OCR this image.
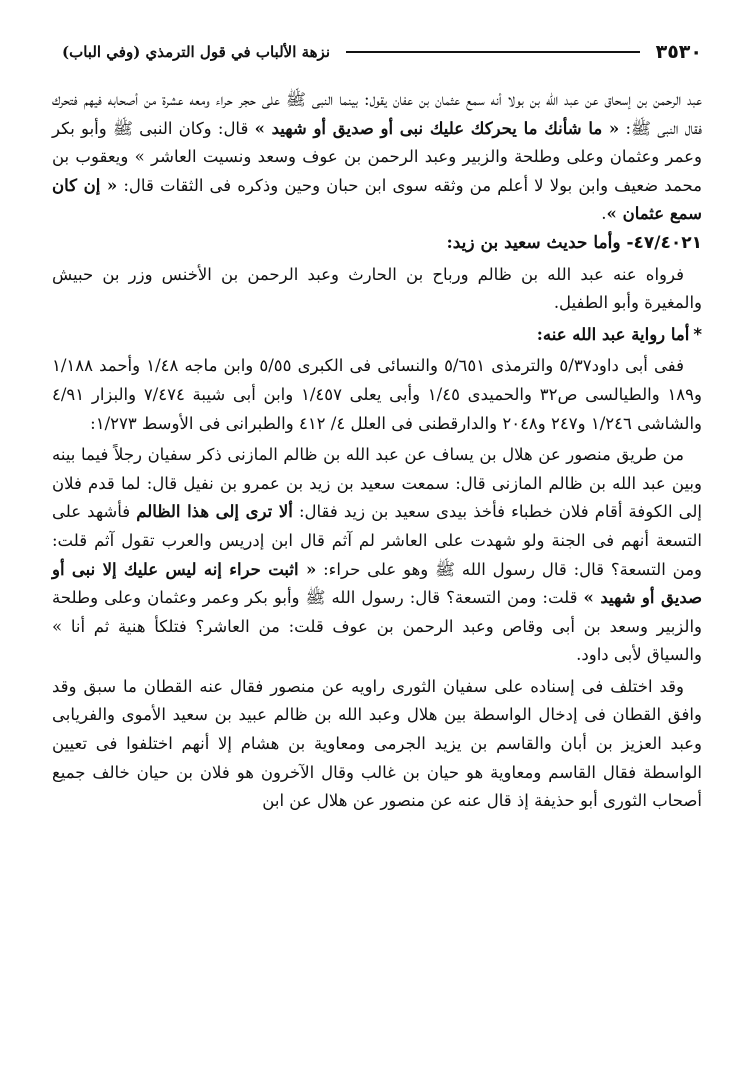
٣٥٣٠
نزهة الألباب في قول الترمذي (وفي الباب)

عبد الرحمن بن إسحاق عن عبد الله بن بولا أنه سمع عثمان بن عفان يقول: بينما النبى ﷺ على حجر حراء ومعه عشرة من أصحابه فيهم فتحرك فقال النبى ﷺ: « ما شأنك ما يحركك عليك نبى أو صديق أو شهيد » قال: وكان النبى ﷺ وأبو بكر وعمر وعثمان وعلى وطلحة والزبير وعبد الرحمن بن عوف وسعد ونسيت العاشر » ويعقوب بن محمد ضعيف وابن بولا لا أعلم من وثقه سوى ابن حبان وحين وذكره فى الثقات قال: « إن كان سمع عثمان ».

٤٧/٤٠٢١- وأما حديث سعيد بن زيد:

فرواه عنه عبد الله بن ظالم ورباح بن الحارث وعبد الرحمن بن الأخنس وزر بن حبيش والمغيرة وأبو الطفيل.

*أما رواية عبد الله عنه:

ففى أبى داود٥/٣٧ والترمذى ٥/٦٥١ والنسائى فى الكبرى ٥/٥٥ وابن ماجه ١/٤٨ وأحمد ١/١٨٨ و١٨٩ والطيالسى ص٣٢ والحميدى ١/٤٥ وأبى يعلى ١/٤٥٧ وابن أبى شيبة ٧/٤٧٤ والبزار ٤/٩١ والشاشى ١/٢٤٦ و٢٤٧ و٢٠٤٨ والدارقطنى فى العلل ٤/ ٤١٢ والطبرانى فى الأوسط ١/٢٧٣:

من طريق منصور عن هلال بن يساف عن عبد الله بن ظالم المازنى ذكر سفيان رجلاً فيما بينه وبين عبد الله بن ظالم المازنى قال: سمعت سعيد بن زيد بن عمرو بن نفيل قال: لما قدم فلان إلى الكوفة أقام فلان خطباء فأخذ بيدى سعيد بن زيد فقال: ألا ترى إلى هذا الظالم فأشهد على التسعة أنهم فى الجنة ولو شهدت على العاشر لم آثم قال ابن إدريس والعرب تقول آثم قلت: ومن التسعة؟ قال: قال رسول الله ﷺ وهو على حراء: « اثبت حراء إنه ليس عليك إلا نبى أو صديق أو شهيد » قلت: ومن التسعة؟ قال: رسول الله ﷺ وأبو بكر وعمر وعثمان وعلى وطلحة والزبير وسعد بن أبى وقاص وعبد الرحمن بن عوف قلت: من العاشر؟ فتلكأ هنية ثم أنا » والسياق لأبى داود.

وقد اختلف فى إسناده على سفيان الثورى راويه عن منصور فقال عنه القطان ما سبق وقد وافق القطان فى إدخال الواسطة بين هلال وعبد الله بن ظالم عبيد بن سعيد الأموى والفريابى وعبد العزيز بن أبان والقاسم بن يزيد الجرمى ومعاوية بن هشام إلا أنهم اختلفوا فى تعيين الواسطة فقال القاسم ومعاوية هو حيان بن غالب وقال الآخرون هو فلان بن حيان خالف جميع أصحاب الثورى أبو حذيفة إذ قال عنه عن منصور عن هلال عن ابن
